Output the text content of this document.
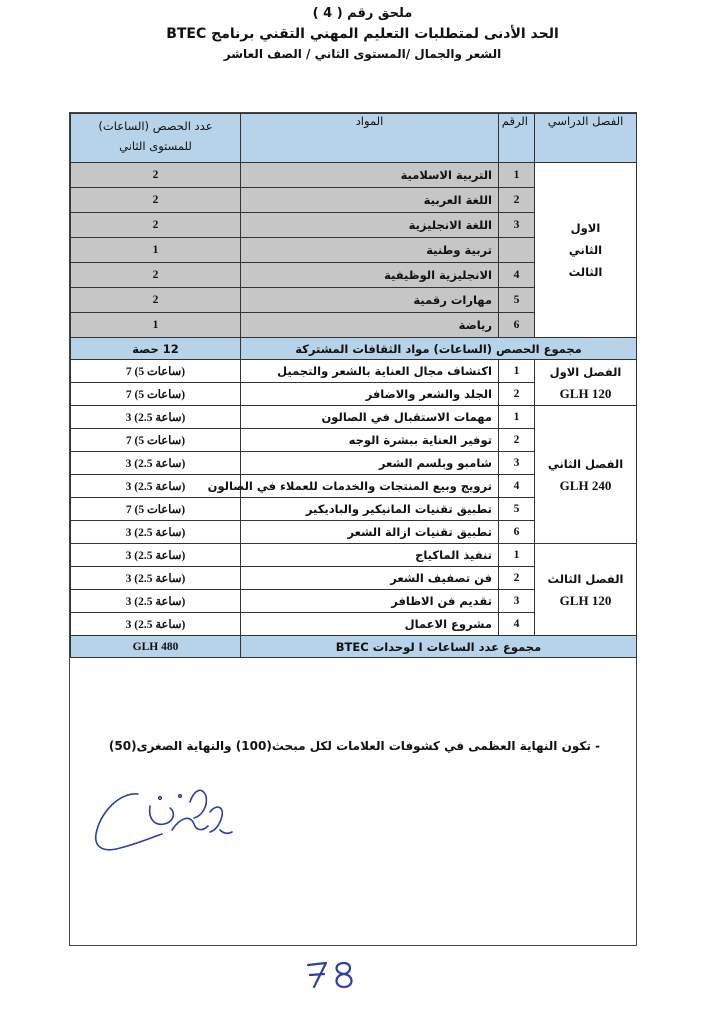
ملحق رقم ( 4 )
الحد الأدنى لمتطلبات التعليم المهني التقني برنامج BTEC
الشعر والجمال /المستوى الثاني / الصف العاشر
الفصل الدراسي	الرقم	المواد	عدد الحصص (الساعات) للمستوى الثاني

الاول
الثاني
الثالث	1	التربية الاسلامية	2
	2	اللغة العربية	2
	3	اللغة الانجليزية	2
		تربية وطنية	1
	4	الانجليزية الوظيفية	2
	5	مهارات رقمية	2
	6	رياضة	1
مجموع الحصص (الساعات) مواد الثقافات المشتركة			12 حصة

الفصل الاول
120 GLH	1	اكتشاف مجال العناية بالشعر والتجميل	7 (5 ساعات)
	2	الجلد والشعر والاضافر	7 (5 ساعات)

الفصل الثاني
240 GLH	1	مهمات الاستقبال في الصالون	3 (2.5 ساعة)
	2	توفير العناية ببشرة الوجه	7 (5 ساعات)
	3	شامبو وبلسم الشعر	3 (2.5 ساعة)
	4	ترويج وبيع المنتجات والخدمات للعملاء في الصالون	3 (2.5 ساعة)
	5	تطبيق تقنيات المانيكير والباديكير	7 (5 ساعات)
	6	تطبيق تقنيات ازالة الشعر	3 (2.5 ساعة)

الفصل الثالث
120 GLH	1	تنفيذ الماكياج	3 (2.5 ساعة)
	2	فن تصفيف الشعر	3 (2.5 ساعة)
	3	تقديم فن الاظافر	3 (2.5 ساعة)
	4	مشروع الاعمال	3 (2.5 ساعة)
مجموع عدد الساعات ا لوحدات BTEC			480 GLH
- تكون النهاية العظمى في كشوفات العلامات لكل مبحث(100) والنهاية الصغرى(50)
